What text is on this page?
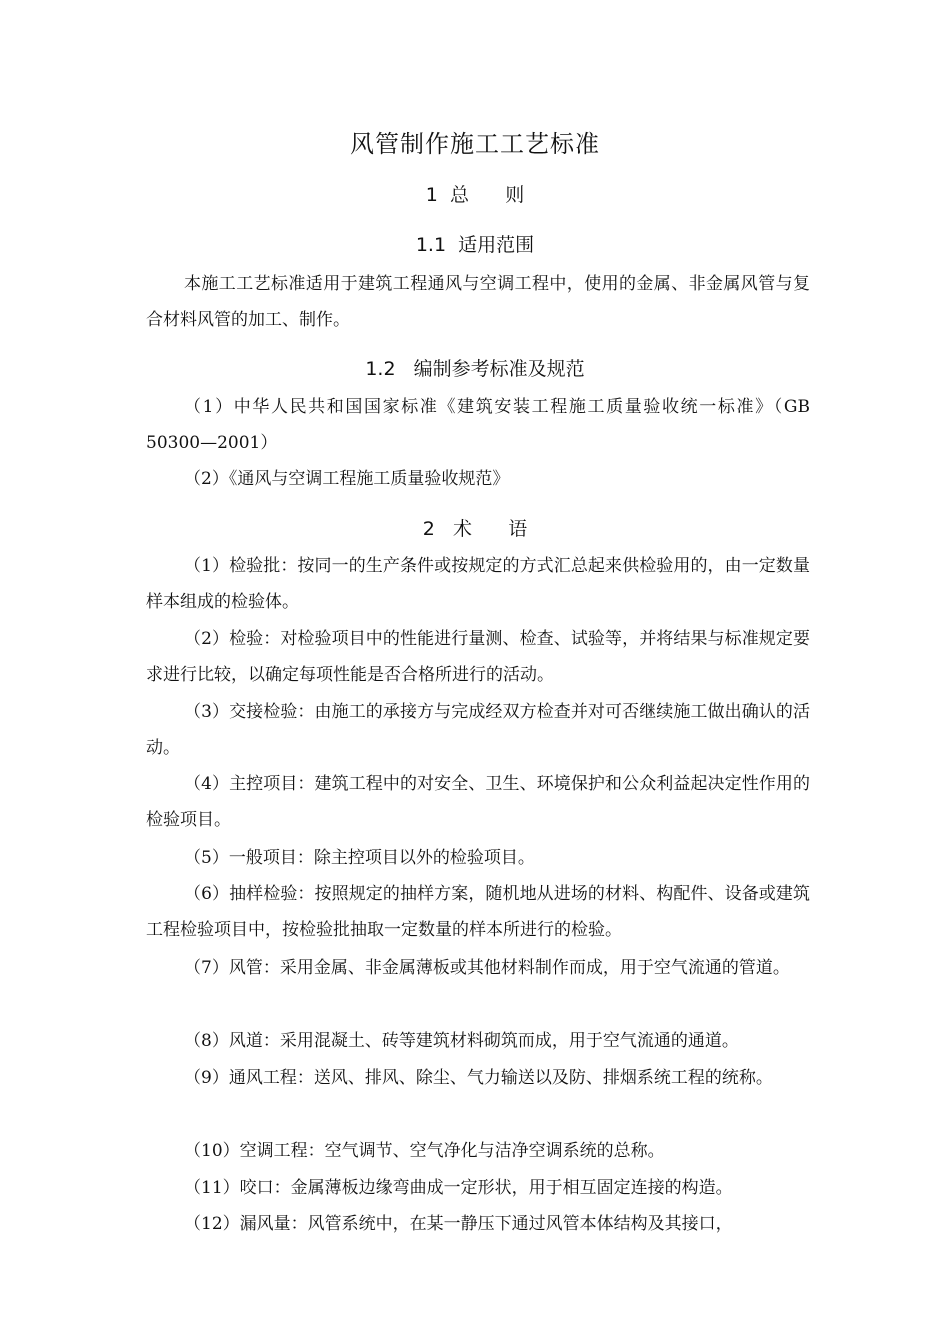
风管制作施工工艺标准
1  总      则
1.1  适用范围

本施工工艺标准适用于建筑工程通风与空调工程中，使用的金属、非金属风管与复合材料风管的加工、制作。

1.2   编制参考标准及规范

（1）中华人民共和国国家标准《建筑安装工程施工质量验收统一标准》（GB 50300—2001）

（2）《通风与空调工程施工质量验收规范》

2   术      语

（1）检验批：按同一的生产条件或按规定的方式汇总起来供检验用的，由一定数量样本组成的检验体。

（2）检验：对检验项目中的性能进行量测、检查、试验等，并将结果与标准规定要求进行比较，以确定每项性能是否合格所进行的活动。

（3）交接检验：由施工的承接方与完成经双方检查并对可否继续施工做出确认的活动。

（4）主控项目：建筑工程中的对安全、卫生、环境保护和公众利益起决定性作用的检验项目。

（5）一般项目：除主控项目以外的检验项目。

（6）抽样检验：按照规定的抽样方案，随机地从进场的材料、构配件、设备或建筑工程检验项目中，按检验批抽取一定数量的样本所进行的检验。

（7）风管：采用金属、非金属薄板或其他材料制作而成，用于空气流通的管道。

（8）风道：采用混凝土、砖等建筑材料砌筑而成，用于空气流通的通道。

（9）通风工程：送风、排风、除尘、气力输送以及防、排烟系统工程的统称。

（10）空调工程：空气调节、空气净化与洁净空调系统的总称。

（11）咬口：金属薄板边缘弯曲成一定形状，用于相互固定连接的构造。

（12）漏风量：风管系统中，在某一静压下通过风管本体结构及其接口，
